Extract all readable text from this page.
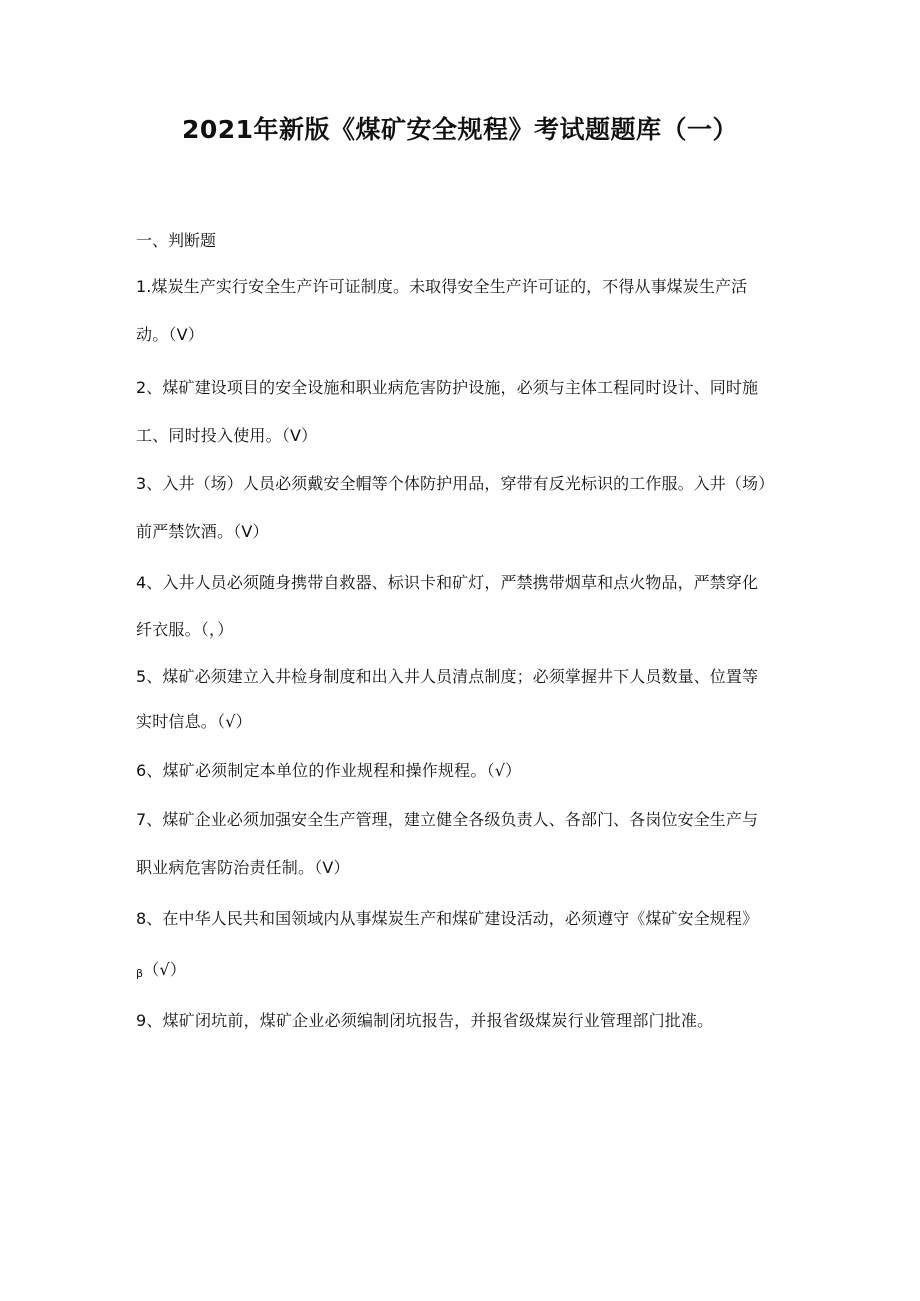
2021年新版《煤矿安全规程》考试题题库（一）
一、判断题
1.煤炭生产实行安全生产许可证制度。未取得安全生产许可证的，不得从事煤炭生产活
动。（V）
2、煤矿建设项目的安全设施和职业病危害防护设施，必须与主体工程同时设计、同时施
工、同时投入使用。（V）
3、入井（场）人员必须戴安全帽等个体防护用品，穿带有反光标识的工作服。入井（场）
前严禁饮酒。（V）
4、入井人员必须随身携带自救器、标识卡和矿灯，严禁携带烟草和点火物品，严禁穿化
纤衣服。（，）
5、煤矿必须建立入井检身制度和出入井人员清点制度；必须掌握井下人员数量、位置等
实时信息。（√）
6、煤矿必须制定本单位的作业规程和操作规程。（√）
7、煤矿企业必须加强安全生产管理，建立健全各级负责人、各部门、各岗位安全生产与
职业病危害防治责任制。（V）
8、在中华人民共和国领域内从事煤炭生产和煤矿建设活动，必须遵守《煤矿安全规程》
β（√）
9、煤矿闭坑前，煤矿企业必须编制闭坑报告，并报省级煤炭行业管理部门批准。
